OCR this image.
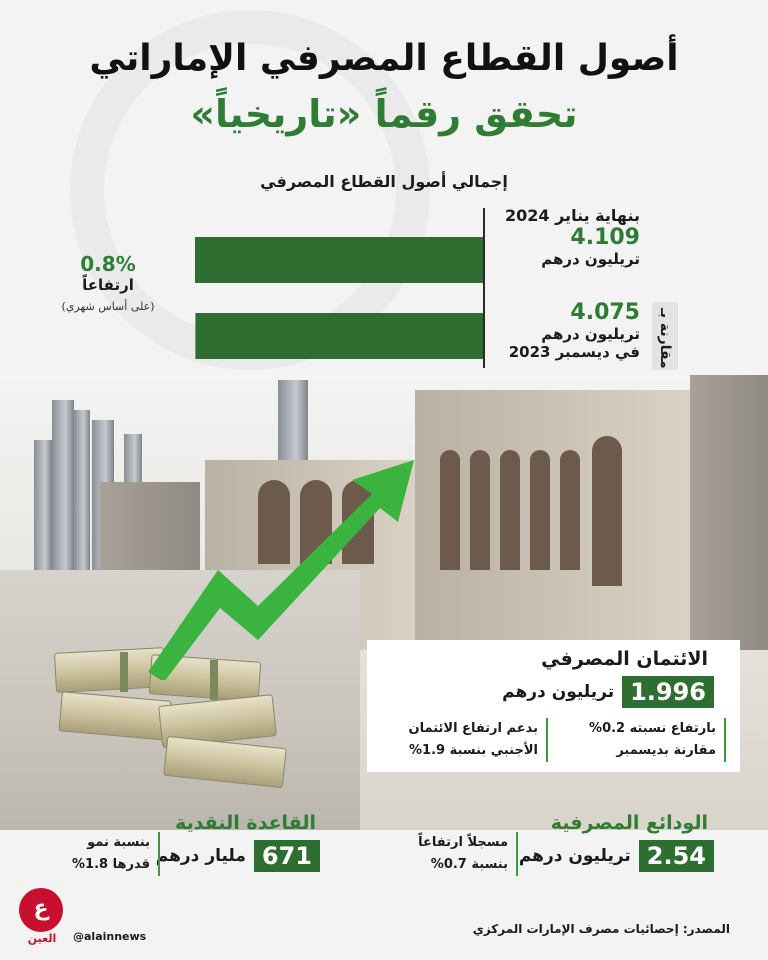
أصول القطاع المصرفي الإماراتي
تحقق رقماً «تاريخياً»
إجمالي أصول القطاع المصرفي
بنهاية يناير 2024
4.109
تريليون درهم
4.075
تريليون درهم
في ديسمبر 2023	مقارنة بـ
0.8%
ارتفاعاً
(على أساس شهري)
الائتمان المصرفي
1.996
تريليون درهم
بارتفاع نسبته 0.2%
مقارنة بديسمبر
بدعم ارتفاع الائتمان
الأجنبي بنسبة 1.9%
الودائع المصرفية
2.54
تريليون درهم
مسجلاً ارتفاعاً
بنسبة 0.7%
القاعدة النقدية
671
مليار درهم
بنسبة نمو
قدرها 1.8%
المصدر: إحصائيات مصرف الإمارات المركزي
@alainnews
ع
العين
